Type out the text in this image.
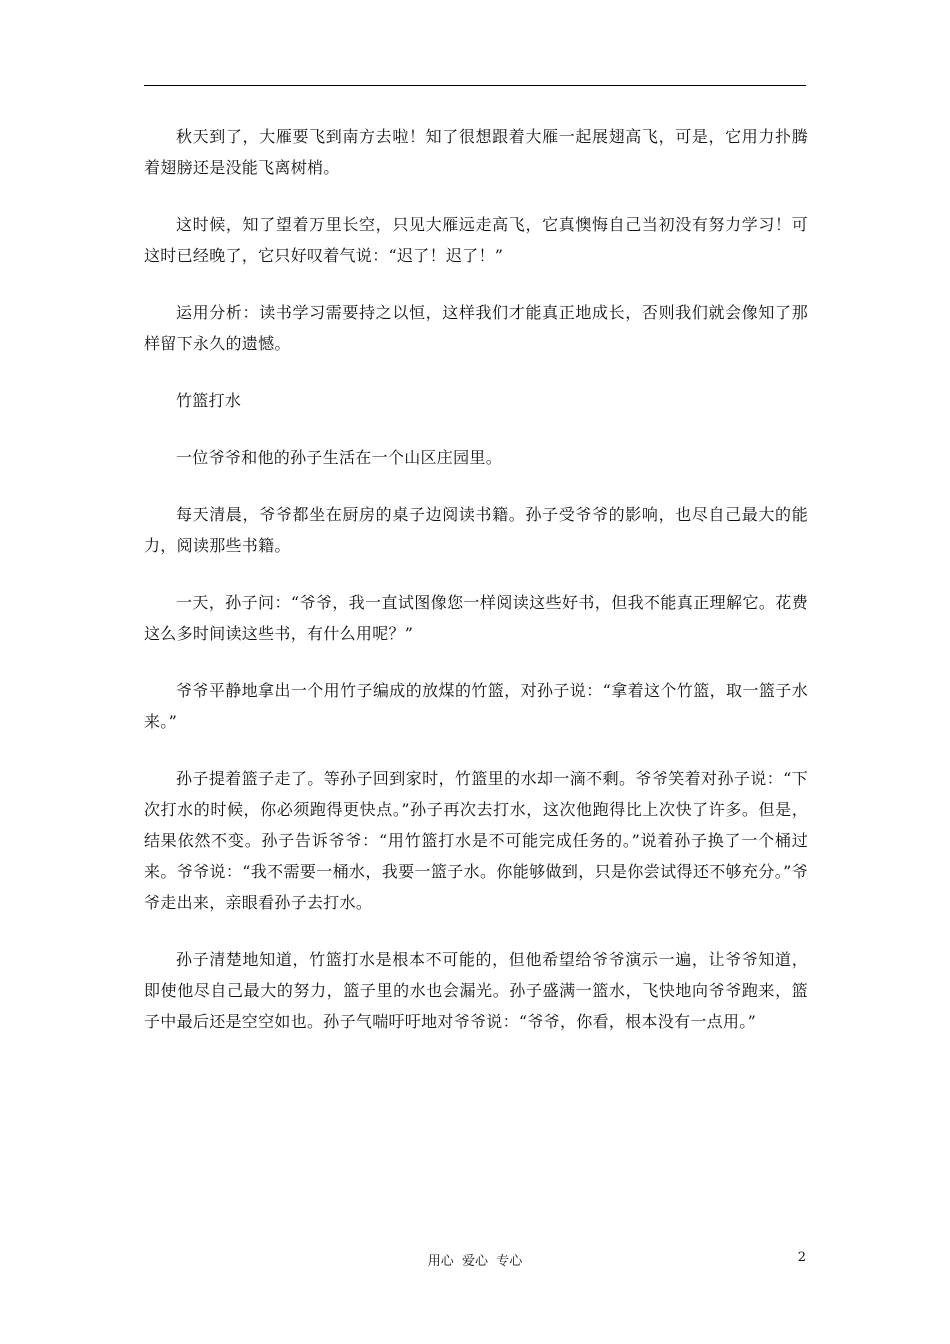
秋天到了，大雁要飞到南方去啦！知了很想跟着大雁一起展翅高飞，可是，它用力扑腾着翅膀还是没能飞离树梢。

这时候，知了望着万里长空，只见大雁远走高飞，它真懊悔自己当初没有努力学习！可这时已经晚了，它只好叹着气说：“迟了！迟了！”

运用分析：读书学习需要持之以恒，这样我们才能真正地成长，否则我们就会像知了那样留下永久的遗憾。

竹篮打水

一位爷爷和他的孙子生活在一个山区庄园里。

每天清晨，爷爷都坐在厨房的桌子边阅读书籍。孙子受爷爷的影响，也尽自己最大的能力，阅读那些书籍。

一天，孙子问：“爷爷，我一直试图像您一样阅读这些好书，但我不能真正理解它。花费这么多时间读这些书，有什么用呢？”

爷爷平静地拿出一个用竹子编成的放煤的竹篮，对孙子说：“拿着这个竹篮，取一篮子水来。”

孙子提着篮子走了。等孙子回到家时，竹篮里的水却一滴不剩。爷爷笑着对孙子说：“下次打水的时候，你必须跑得更快点。”孙子再次去打水，这次他跑得比上次快了许多。但是，结果依然不变。孙子告诉爷爷：“用竹篮打水是不可能完成任务的。”说着孙子换了一个桶过来。爷爷说：“我不需要一桶水，我要一篮子水。你能够做到，只是你尝试得还不够充分。”爷爷走出来，亲眼看孙子去打水。

孙子清楚地知道，竹篮打水是根本不可能的，但他希望给爷爷演示一遍，让爷爷知道，即使他尽自己最大的努力，篮子里的水也会漏光。孙子盛满一篮水，飞快地向爷爷跑来，篮子中最后还是空空如也。孙子气喘吁吁地对爷爷说：“爷爷，你看，根本没有一点用。”

用心  爱心  专心	2
